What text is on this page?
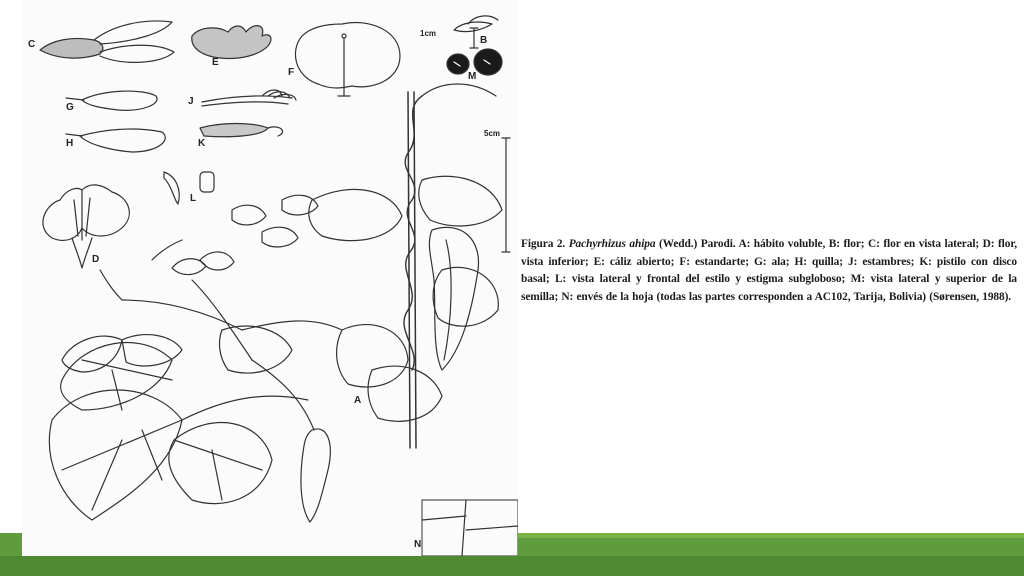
C
E
F
B
M
1cm
G
J
H	K
L
5cm
D
A
N
Figura 2. Pachyrhizus ahipa (Wedd.) Parodi. A: hábito voluble, B: flor; C: flor en vista lateral; D: flor, vista inferior; E: cáliz abierto; F: estandarte; G: ala; H: quilla; J: estambres; K: pistilo con disco basal; L: vista lateral y frontal del estilo y estigma subgloboso; M: vista lateral y superior de la semilla; N: envés de la hoja (todas las partes corresponden a AC102, Tarija, Bolivia) (Sørensen, 1988).
